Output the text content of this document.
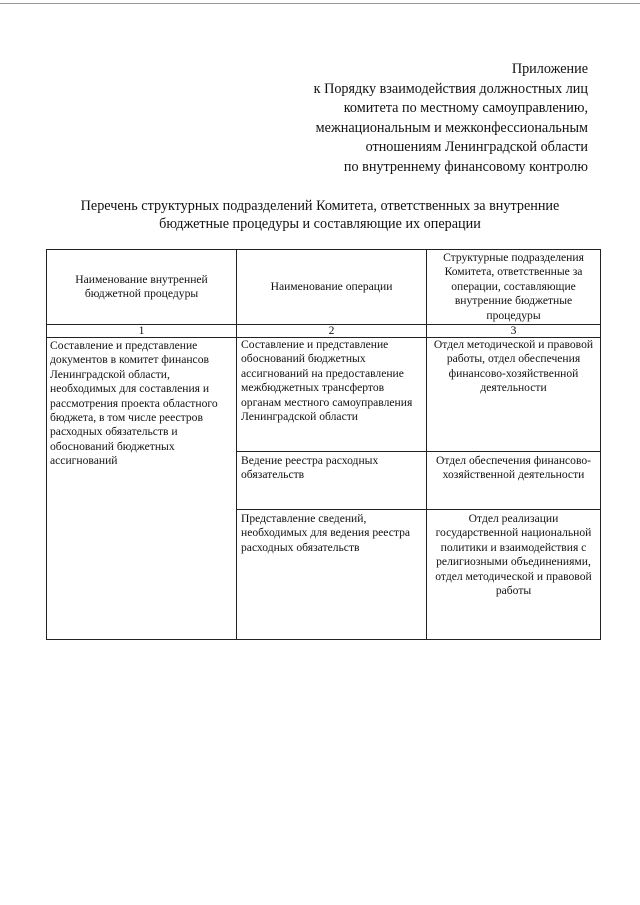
Приложение
к Порядку взаимодействия должностных лиц
комитета по местному самоуправлению,
межнациональным и межконфессиональным
отношениям Ленинградской области
по внутреннему финансовому контролю
Перечень структурных подразделений Комитета, ответственных за внутренние
бюджетные процедуры и составляющие их операции
Наименование внутренней бюджетной процедуры	Наименование операции	Структурные подразделения Комитета, ответственные за операции, составляющие внутренние бюджетные процедуры
1	2	3
Составление и представление документов в комитет финансов Ленинградской области, необходимых для составления и рассмотрения проекта областного бюджета, в том числе реестров расходных обязательств и обоснований бюджетных ассигнований	Составление и представление обоснований бюджетных ассигнований на предоставление межбюджетных трансфертов органам местного самоуправления Ленинградской области	Отдел методической и правовой работы, отдел обеспечения финансово-хозяйственной деятельности
	Ведение реестра расходных обязательств	Отдел обеспечения финансово-хозяйственной деятельности
	Представление сведений, необходимых для ведения реестра расходных обязательств	Отдел реализации государственной национальной политики и взаимодействия с религиозными объединениями, отдел методической и правовой работы
